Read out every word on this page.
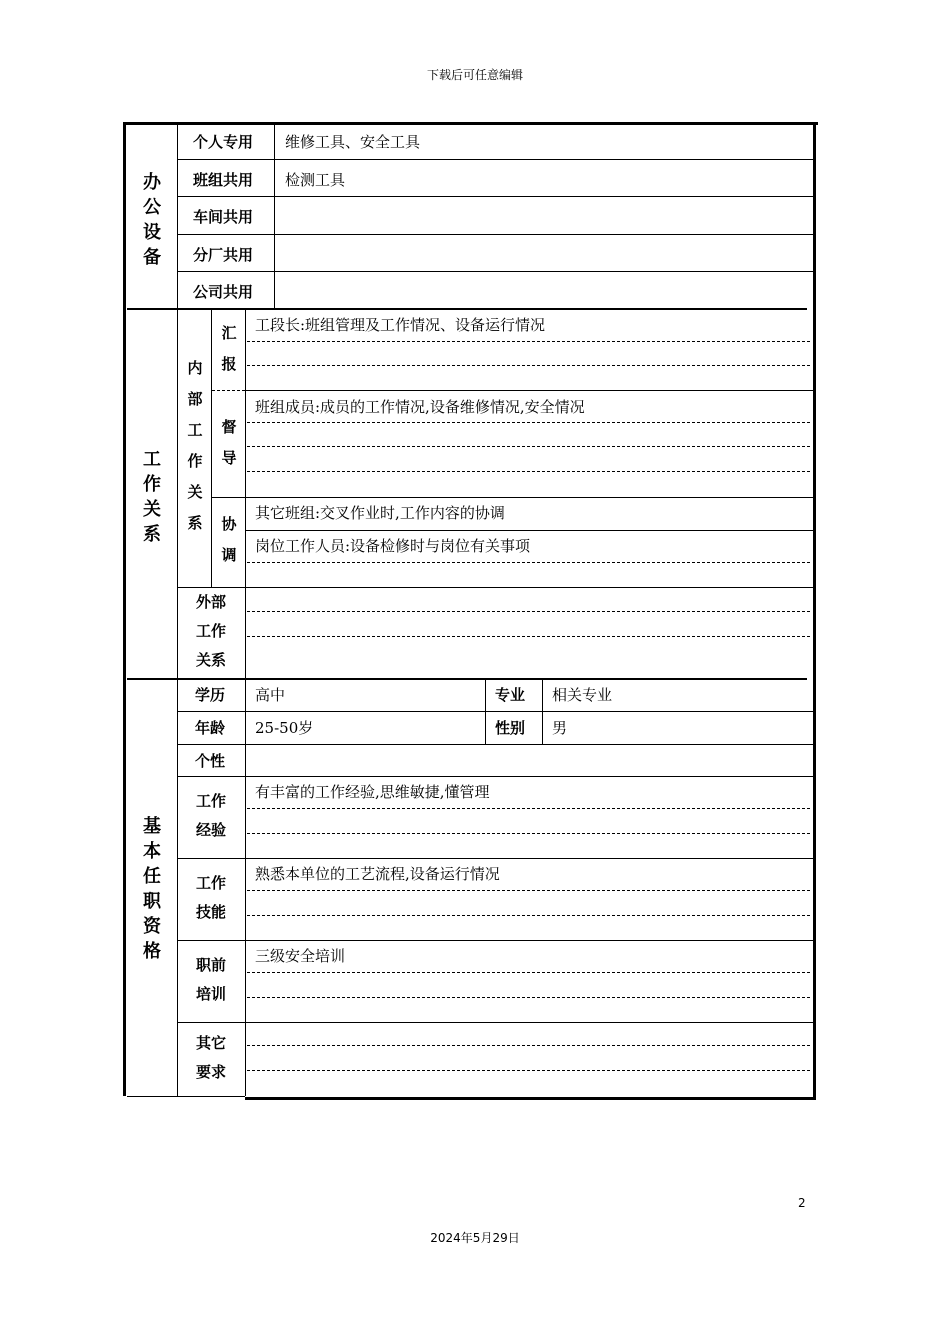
下载后可任意编辑
2
2024年5月29日
办公设备
个人专用 维修工具、安全工具
班组共用 检测工具
车间共用
分厂共用
公司共用
工作关系
内部工作关系
汇报
工段长:班组管理及工作情况、设备运行情况
督导
班组成员:成员的工作情况,设备维修情况,安全情况
协调
其它班组:交叉作业时,工作内容的协调
岗位工作人员:设备检修时与岗位有关事项
外部工作关系
基本任职资格
学历 高中	专业 相关专业
年龄 25-50岁	性别 男
个性
工作经验
有丰富的工作经验,思维敏捷,懂管理
工作技能
熟悉本单位的工艺流程,设备运行情况
职前培训
三级安全培训
其它要求
